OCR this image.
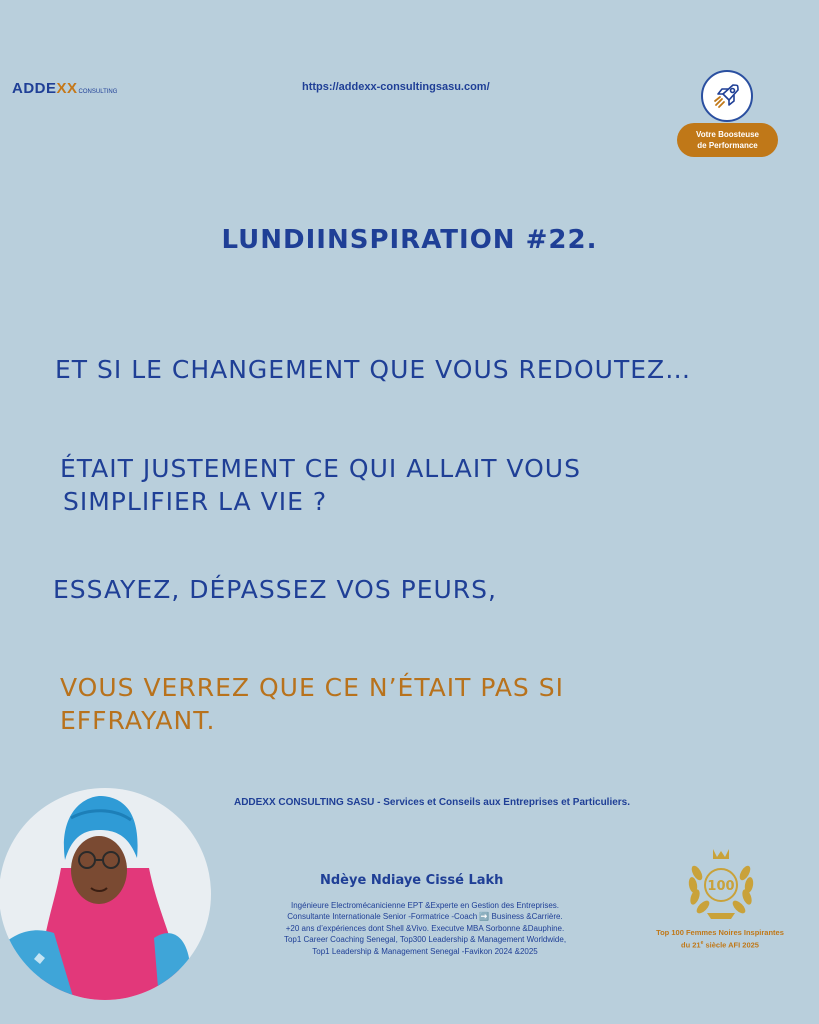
ADDEXXCONSULTING	https://addexx-consultingsasu.com/
Votre Boosteuse
de Performance
LUNDIINSPIRATION #22.
ET SI LE CHANGEMENT QUE VOUS REDOUTEZ…
ÉTAIT JUSTEMENT CE QUI ALLAIT VOUS
SIMPLIFIER LA VIE ?
ESSAYEZ, DÉPASSEZ VOS PEURS,
VOUS VERREZ QUE CE N’ÉTAIT PAS SI
EFFRAYANT.
ADDEXX CONSULTING SASU - Services et Conseils aux Entreprises et Particuliers.
Ndèye Ndiaye Cissé Lakh
Ingénieure Electromécanicienne EPT &Experte en Gestion des Entreprises.
Consultante Internationale Senior -Formatrice -Coach ➡️ Business &Carrière.
+20 ans d’expériences dont Shell &Vivo. Executve MBA Sorbonne &Dauphine.
Top1 Career Coaching Senegal, Top300 Leadership & Management Worldwide,
Top1 Leadership & Management Senegal -Favikon 2024 &2025
100
Top 100 Femmes Noires Inspirantes
du 21e siècle AFI 2025
